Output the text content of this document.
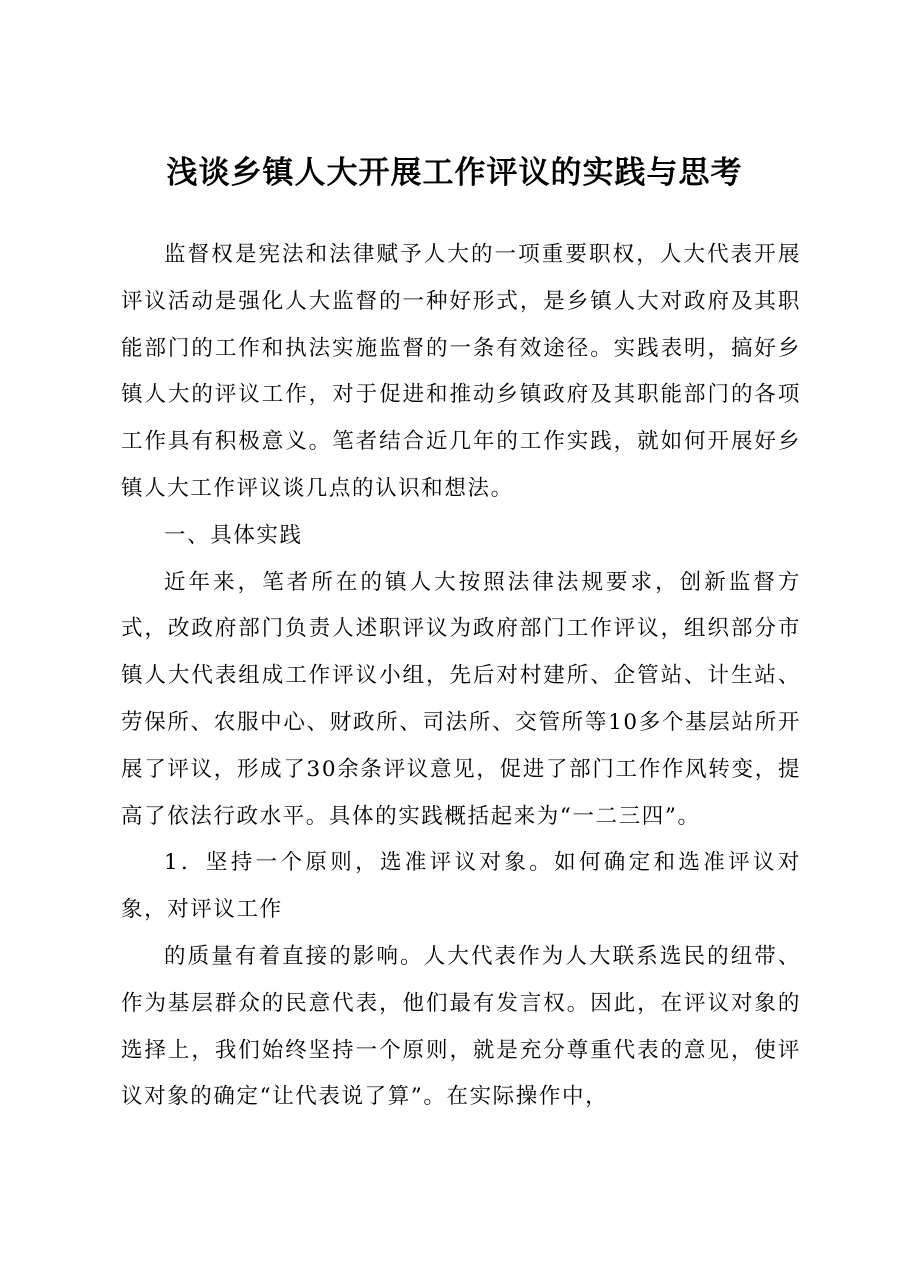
浅谈乡镇人大开展工作评议的实践与思考

监督权是宪法和法律赋予人大的一项重要职权，人大代表开展评议活动是强化人大监督的一种好形式，是乡镇人大对政府及其职能部门的工作和执法实施监督的一条有效途径。实践表明，搞好乡镇人大的评议工作，对于促进和推动乡镇政府及其职能部门的各项工作具有积极意义。笔者结合近几年的工作实践，就如何开展好乡镇人大工作评议谈几点的认识和想法。

一、具体实践

近年来，笔者所在的镇人大按照法律法规要求，创新监督方式，改政府部门负责人述职评议为政府部门工作评议，组织部分市镇人大代表组成工作评议小组，先后对村建所、企管站、计生站、劳保所、农服中心、财政所、司法所、交管所等10多个基层站所开展了评议，形成了30余条评议意见，促进了部门工作作风转变，提高了依法行政水平。具体的实践概括起来为“一二三四”。

1．坚持一个原则，选准评议对象。如何确定和选准评议对象，对评议工作

的质量有着直接的影响。人大代表作为人大联系选民的纽带、作为基层群众的民意代表，他们最有发言权。因此，在评议对象的选择上，我们始终坚持一个原则，就是充分尊重代表的意见，使评议对象的确定“让代表说了算”。在实际操作中，
